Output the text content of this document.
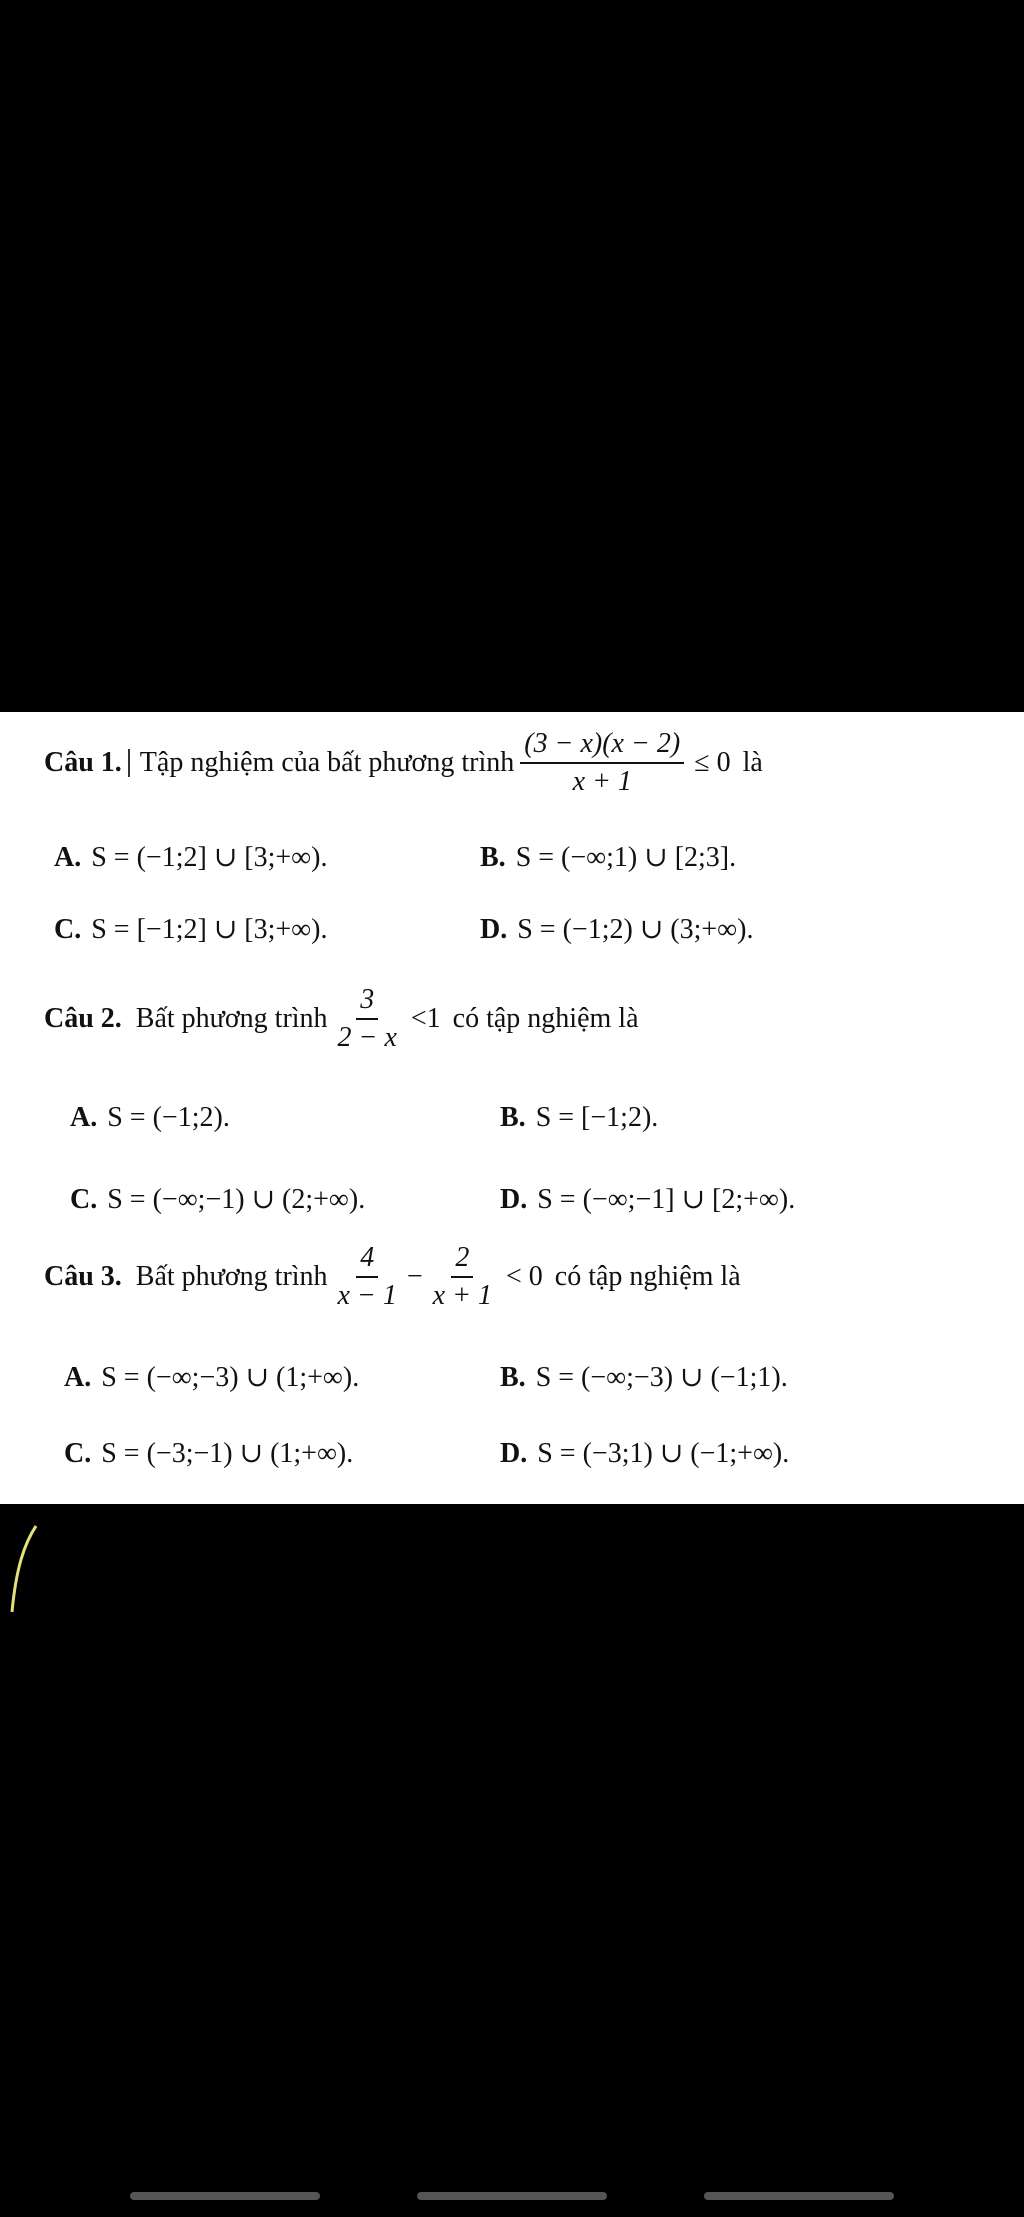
Câu 1. Tập nghiệm của bất phương trình $\frac{(3 - x)(x - 2)}{x + 1} \le 0$ là
A. S = (−1;2] ∪ [3;+∞).	B. S = (−∞;1) ∪ [2;3].
C. S = [−1;2] ∪ [3;+∞).	D. S = (−1;2) ∪ (3;+∞).
Câu 2. Bất phương trình $\frac{3}{2 - x} <1$ có tập nghiệm là
A. S = (−1;2).	B. S = [−1;2).
C. S = (−∞;−1) ∪ (2;+∞).	D. S = (−∞;−1] ∪ [2;+∞).
Câu 3. Bất phương trình $\frac{4}{x - 1} - \frac{2}{x + 1} < 0$ có tập nghiệm là
A. S = (−∞;−3) ∪ (1;+∞).	B. S = (−∞;−3) ∪ (−1;1).
C. S = (−3;−1) ∪ (1;+∞).	D. S = (−3;1) ∪ (−1;+∞).
